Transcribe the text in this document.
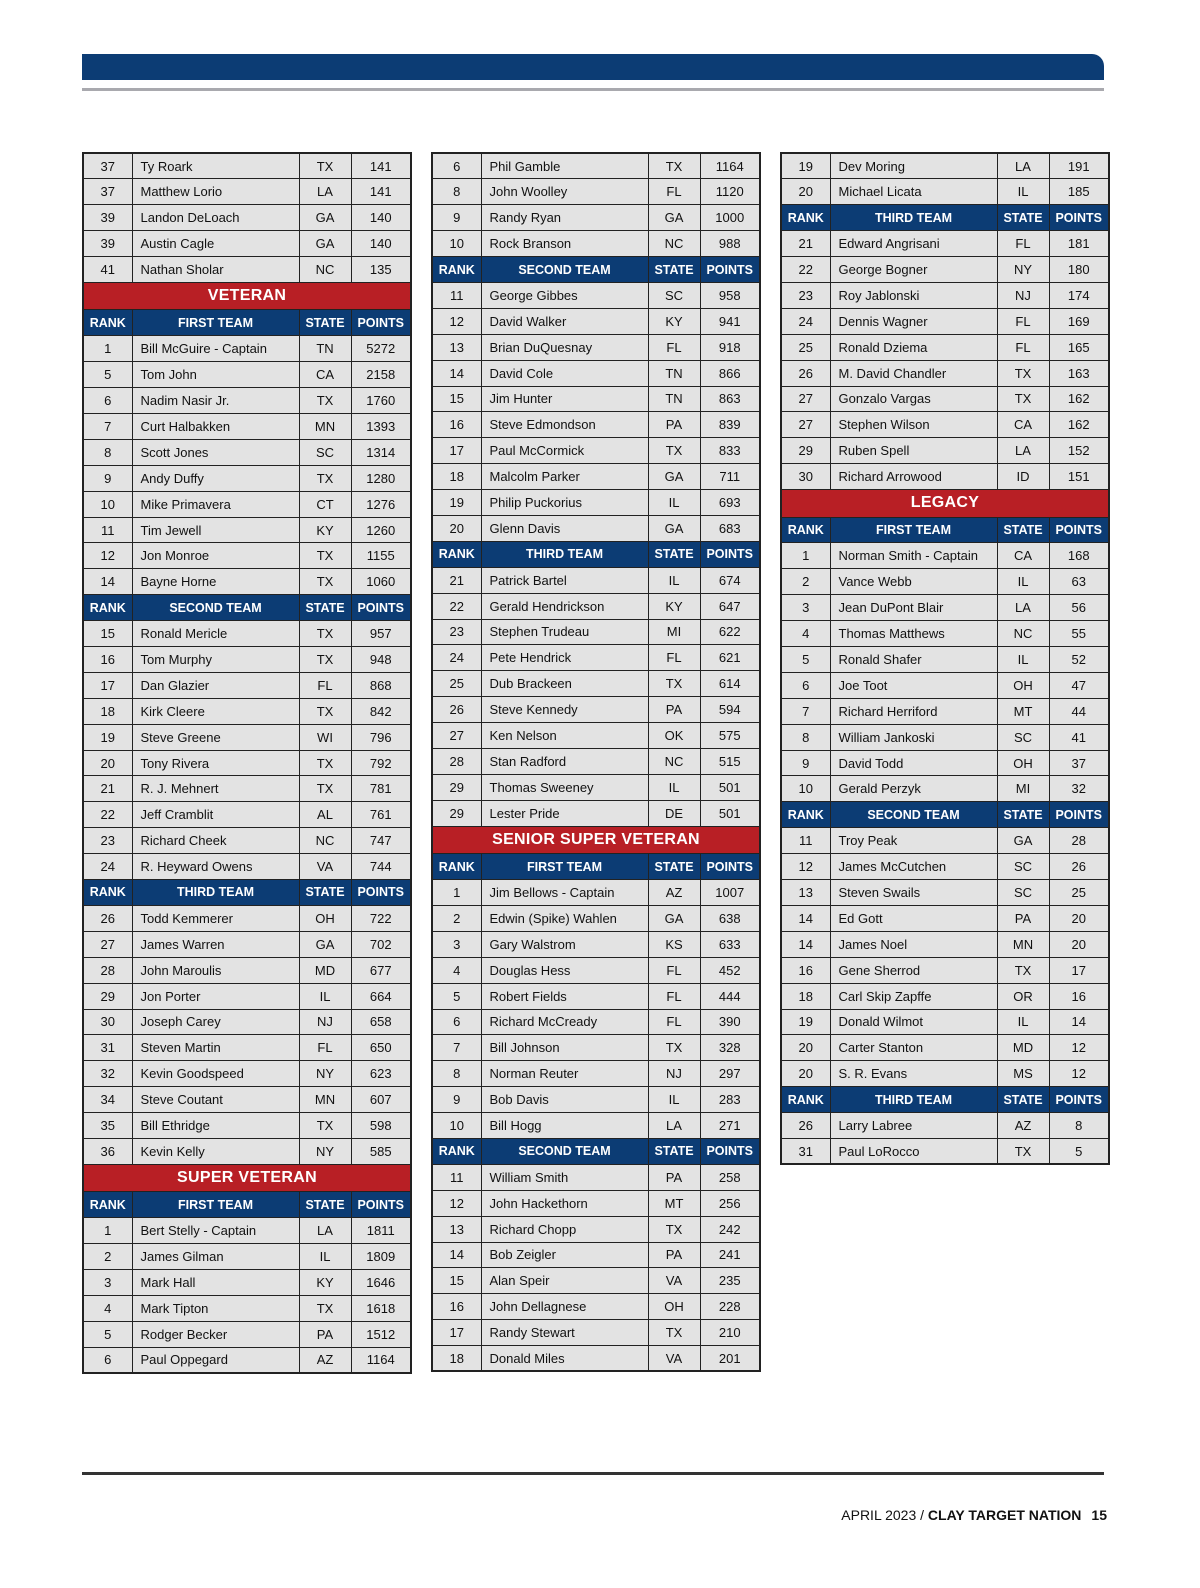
37	Ty Roark	TX	141
37	Matthew Lorio	LA	141
39	Landon DeLoach	GA	140
39	Austin Cagle	GA	140
41	Nathan Sholar	NC	135
VETERAN			
RANK	FIRST TEAM	STATE	POINTS
1	Bill McGuire - Captain	TN	5272
5	Tom John	CA	2158
6	Nadim Nasir Jr.	TX	1760
7	Curt Halbakken	MN	1393
8	Scott Jones	SC	1314
9	Andy Duffy	TX	1280
10	Mike Primavera	CT	1276
11	Tim Jewell	KY	1260
12	Jon Monroe	TX	1155
14	Bayne Horne	TX	1060
RANK	SECOND TEAM	STATE	POINTS
15	Ronald Mericle	TX	957
16	Tom Murphy	TX	948
17	Dan Glazier	FL	868
18	Kirk Cleere	TX	842
19	Steve Greene	WI	796
20	Tony Rivera	TX	792
21	R. J. Mehnert	TX	781
22	Jeff Cramblit	AL	761
23	Richard Cheek	NC	747
24	R. Heyward Owens	VA	744
RANK	THIRD TEAM	STATE	POINTS
26	Todd Kemmerer	OH	722
27	James Warren	GA	702
28	John Maroulis	MD	677
29	Jon Porter	IL	664
30	Joseph Carey	NJ	658
31	Steven Martin	FL	650
32	Kevin Goodspeed	NY	623
34	Steve Coutant	MN	607
35	Bill Ethridge	TX	598
36	Kevin Kelly	NY	585
SUPER VETERAN			
RANK	FIRST TEAM	STATE	POINTS
1	Bert Stelly - Captain	LA	1811
2	James Gilman	IL	1809
3	Mark Hall	KY	1646
4	Mark Tipton	TX	1618
5	Rodger Becker	PA	1512
6	Paul Oppegard	AZ	1164
6	Phil Gamble	TX	1164
8	John Woolley	FL	1120
9	Randy Ryan	GA	1000
10	Rock Branson	NC	988
RANK	SECOND TEAM	STATE	POINTS
11	George Gibbes	SC	958
12	David Walker	KY	941
13	Brian DuQuesnay	FL	918
14	David Cole	TN	866
15	Jim Hunter	TN	863
16	Steve Edmondson	PA	839
17	Paul McCormick	TX	833
18	Malcolm Parker	GA	711
19	Philip Puckorius	IL	693
20	Glenn Davis	GA	683
RANK	THIRD TEAM	STATE	POINTS
21	Patrick Bartel	IL	674
22	Gerald Hendrickson	KY	647
23	Stephen Trudeau	MI	622
24	Pete Hendrick	FL	621
25	Dub Brackeen	TX	614
26	Steve Kennedy	PA	594
27	Ken Nelson	OK	575
28	Stan Radford	NC	515
29	Thomas Sweeney	IL	501
29	Lester Pride	DE	501
SENIOR SUPER VETERAN			
RANK	FIRST TEAM	STATE	POINTS
1	Jim Bellows - Captain	AZ	1007
2	Edwin (Spike) Wahlen	GA	638
3	Gary Walstrom	KS	633
4	Douglas Hess	FL	452
5	Robert Fields	FL	444
6	Richard McCready	FL	390
7	Bill Johnson	TX	328
8	Norman Reuter	NJ	297
9	Bob Davis	IL	283
10	Bill Hogg	LA	271
RANK	SECOND TEAM	STATE	POINTS
11	William Smith	PA	258
12	John Hackethorn	MT	256
13	Richard Chopp	TX	242
14	Bob Zeigler	PA	241
15	Alan Speir	VA	235
16	John Dellagnese	OH	228
17	Randy Stewart	TX	210
18	Donald Miles	VA	201
19	Dev Moring	LA	191
20	Michael Licata	IL	185
RANK	THIRD TEAM	STATE	POINTS
21	Edward Angrisani	FL	181
22	George Bogner	NY	180
23	Roy Jablonski	NJ	174
24	Dennis Wagner	FL	169
25	Ronald Dziema	FL	165
26	M. David Chandler	TX	163
27	Gonzalo Vargas	TX	162
27	Stephen Wilson	CA	162
29	Ruben Spell	LA	152
30	Richard Arrowood	ID	151
LEGACY			
RANK	FIRST TEAM	STATE	POINTS
1	Norman Smith - Captain	CA	168
2	Vance Webb	IL	63
3	Jean DuPont Blair	LA	56
4	Thomas Matthews	NC	55
5	Ronald Shafer	IL	52
6	Joe Toot	OH	47
7	Richard Herriford	MT	44
8	William Jankoski	SC	41
9	David Todd	OH	37
10	Gerald Perzyk	MI	32
RANK	SECOND TEAM	STATE	POINTS
11	Troy Peak	GA	28
12	James McCutchen	SC	26
13	Steven Swails	SC	25
14	Ed Gott	PA	20
14	James Noel	MN	20
16	Gene Sherrod	TX	17
18	Carl Skip Zapffe	OR	16
19	Donald Wilmot	IL	14
20	Carter Stanton	MD	12
20	S. R. Evans	MS	12
RANK	THIRD TEAM	STATE	POINTS
26	Larry Labree	AZ	8
31	Paul LoRocco	TX	5
APRIL 2023 / CLAY TARGET NATION 15
